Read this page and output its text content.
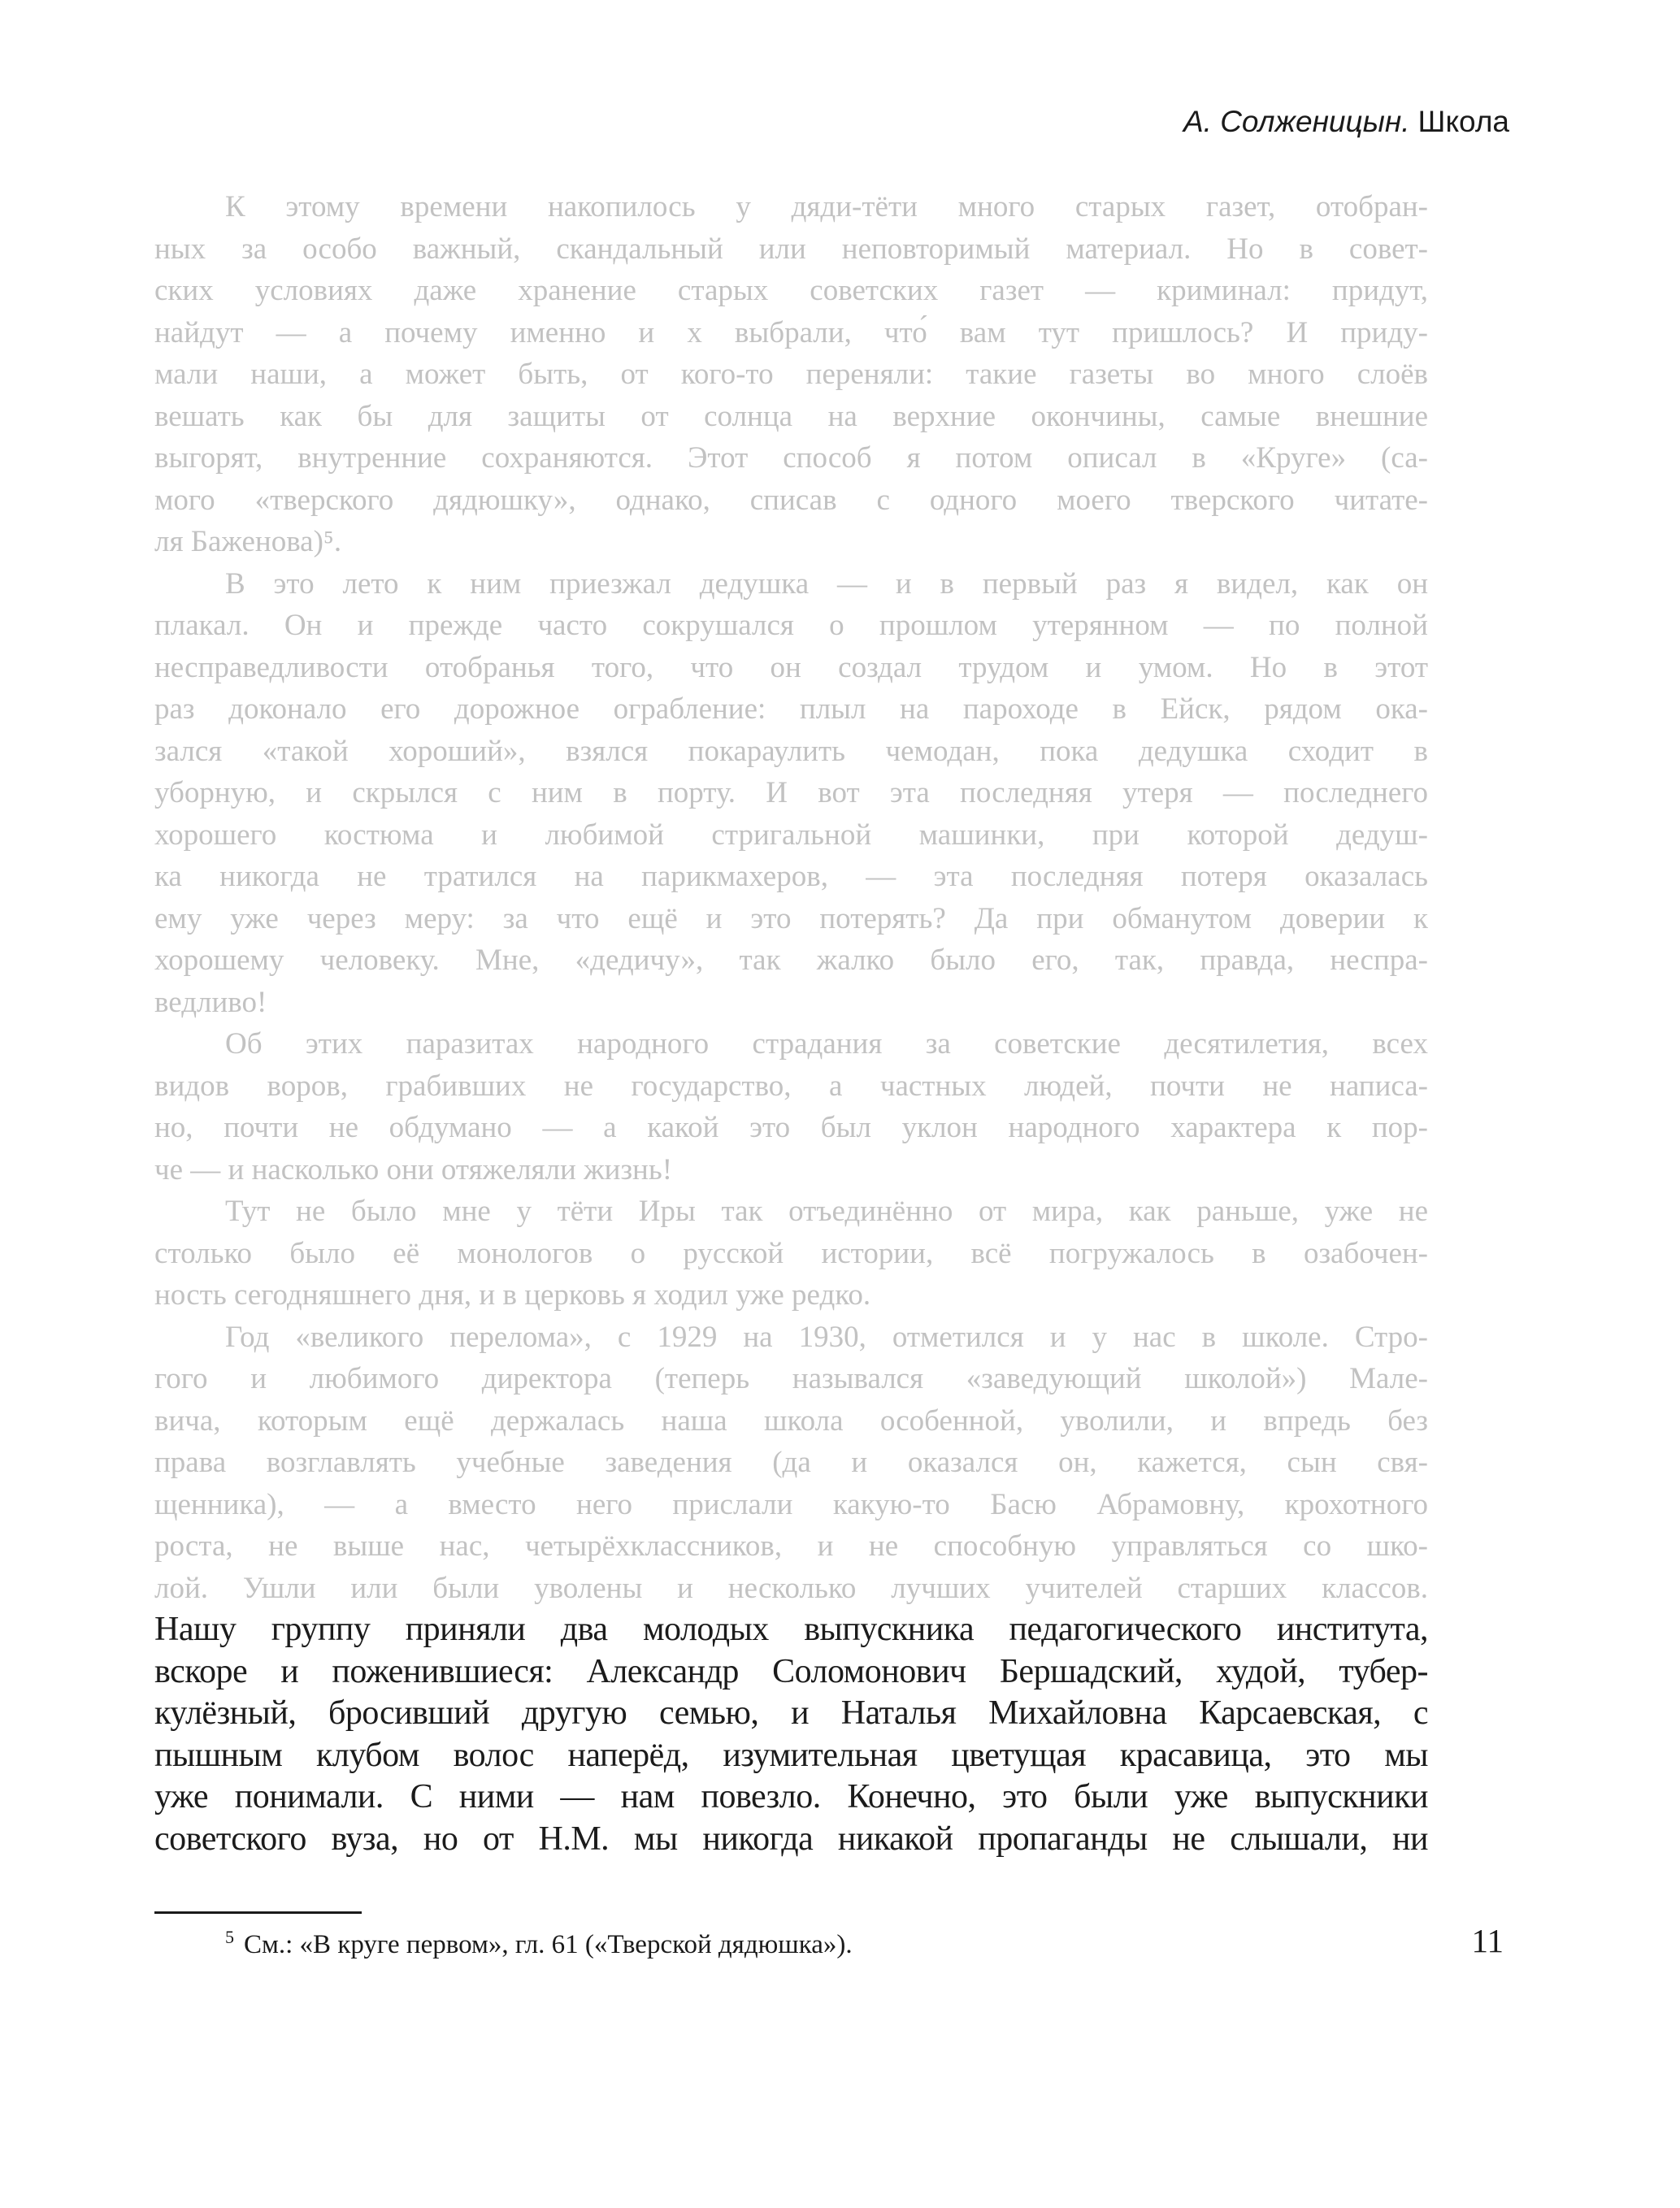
А. Солженицын. Школа
К этому времени накопилось у дяди-тёти много старых газет, отобран-
ных за особо важный, скандальный или неповторимый материал. Но в совет-
ских условиях даже хранение старых советских газет — криминал: придут,
найдут — а почему именно и х выбрали, что́ вам тут пришлось? И приду-
мали наши, а может быть, от кого-то переняли: такие газеты во много слоёв
вешать как бы для защиты от солнца на верхние окончины, самые внешние
выгорят, внутренние сохраняются. Этот способ я потом описал в «Круге» (са-
мого «тверского дядюшку», однако, списав с одного моего тверского читате-
ля Баженова)⁵.
В это лето к ним приезжал дедушка — и в первый раз я видел, как он
плакал. Он и прежде часто сокрушался о прошлом утерянном — по полной
несправедливости отобранья того, что он создал трудом и умом. Но в этот
раз доконало его дорожное ограбление: плыл на пароходе в Ейск, рядом ока-
зался «такой хороший», взялся покараулить чемодан, пока дедушка сходит в
уборную, и скрылся с ним в порту. И вот эта последняя утеря — последнего
хорошего костюма и любимой стригальной машинки, при которой дедуш-
ка никогда не тратился на парикмахеров, — эта последняя потеря оказалась
ему уже через меру: за что ещё и это потерять? Да при обманутом доверии к
хорошему человеку. Мне, «дедичу», так жалко было его, так, правда, неспра-
ведливо!
Об этих паразитах народного страдания за советские десятилетия, всех
видов воров, грабивших не государство, а частных людей, почти не написа-
но, почти не обдумано — а какой это был уклон народного характера к пор-
че — и насколько они отяжеляли жизнь!
Тут не было мне у тёти Иры так отъединённо от мира, как раньше, уже не
столько было её монологов о русской истории, всё погружалось в озабочен-
ность сегодняшнего дня, и в церковь я ходил уже редко.
Год «великого перелома», с 1929 на 1930, отметился и у нас в школе. Стро-
гого и любимого директора (теперь назывался «заведующий школой») Мале-
вича, которым ещё держалась наша школа особенной, уволили, и впредь без
права возглавлять учебные заведения (да и оказался он, кажется, сын свя-
щенника), — а вместо него прислали какую-то Басю Абрамовну, крохотного
роста, не выше нас, четырёхклассников, и не способную управляться со шко-
лой. Ушли или были уволены и несколько лучших учителей старших классов.
Нашу группу приняли два молодых выпускника педагогического института,
вскоре и поженившиеся: Александр Соломонович Бершадский, худой, тубер-
кулёзный, бросивший другую семью, и Наталья Михайловна Карсаевская, с
пышным клубом волос наперёд, изумительная цветущая красавица, это мы
уже понимали. С ними — нам повезло. Конечно, это были уже выпускники
советского вуза, но от Н.М. мы никогда никакой пропаганды не слышали, ни
$^5$ См.: «В круге первом», гл. 61 («Тверской дядюшка»).	11
